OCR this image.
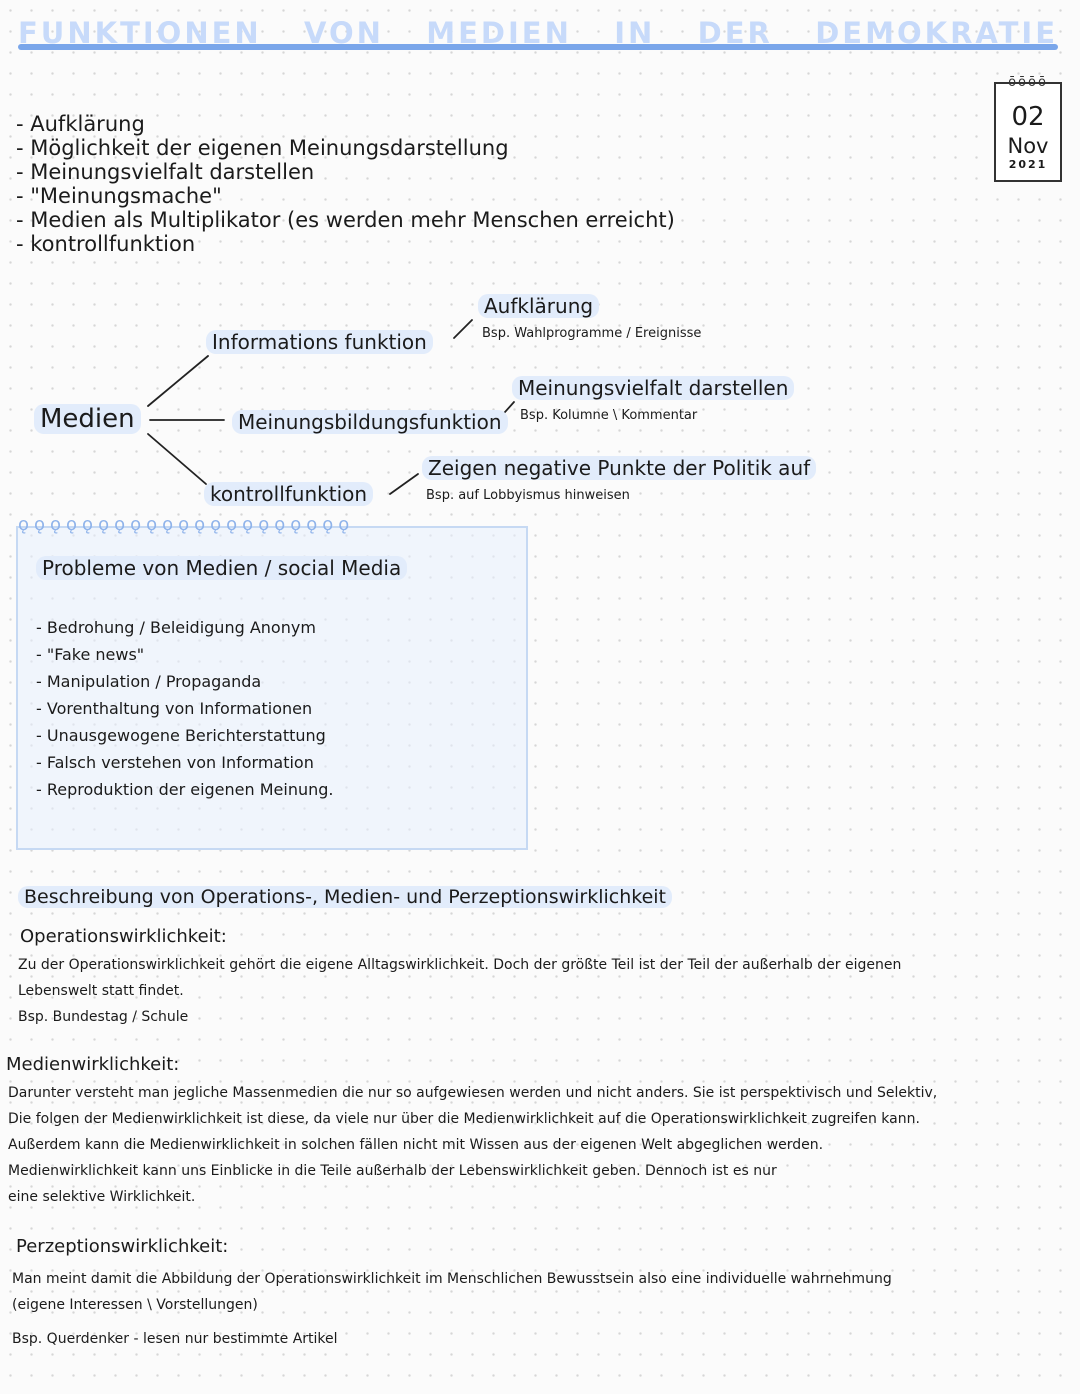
FUNKTIONEN VON MEDIEN IN DER DEMOKRATIE
ōōōō
02
Nov
2021
- Aufklärung
- Möglichkeit der eigenen Meinungsdarstellung
- Meinungsvielfalt darstellen
- "Meinungsmache"
- Medien als Multiplikator (es werden mehr Menschen erreicht)
- kontrollfunktion
Medien
Informations funktion
Aufklärung
Bsp. Wahlprogramme / Ereignisse
Meinungsbildungsfunktion
Meinungsvielfalt darstellen
Bsp. Kolumne \ Kommentar
kontrollfunktion
Zeigen negative Punkte der Politik auf
Bsp. auf Lobbyismus hinweisen
ǫǫǫǫǫǫǫǫǫǫǫǫǫǫǫǫǫǫǫǫǫ
Probleme von Medien / social Media
- Bedrohung / Beleidigung Anonym
- "Fake news"
- Manipulation / Propaganda
- Vorenthaltung von Informationen
- Unausgewogene Berichterstattung
- Falsch verstehen von Information
- Reproduktion der eigenen Meinung.
Beschreibung von Operations-, Medien- und Perzeptionswirklichkeit
Operationswirklichkeit:
Zu der Operationswirklichkeit gehört die eigene Alltagswirklichkeit. Doch der größte Teil ist der Teil der außerhalb der eigenen
Lebenswelt statt findet.
Bsp. Bundestag / Schule
Medienwirklichkeit:
Darunter versteht man jegliche Massenmedien die nur so aufgewiesen werden und nicht anders. Sie ist perspektivisch und Selektiv,
Die folgen der Medienwirklichkeit ist diese, da viele nur über die Medienwirklichkeit auf die Operationswirklichkeit zugreifen kann.
Außerdem kann die Medienwirklichkeit in solchen fällen nicht mit Wissen aus der eigenen Welt abgeglichen werden.
Medienwirklichkeit kann uns Einblicke in die Teile außerhalb der Lebenswirklichkeit geben. Dennoch ist es nur
eine selektive Wirklichkeit.
Perzeptionswirklichkeit:
Man meint damit die Abbildung der Operationswirklichkeit im Menschlichen Bewusstsein also eine individuelle wahrnehmung
(eigene Interessen \ Vorstellungen)
Bsp. Querdenker - lesen nur bestimmte Artikel
